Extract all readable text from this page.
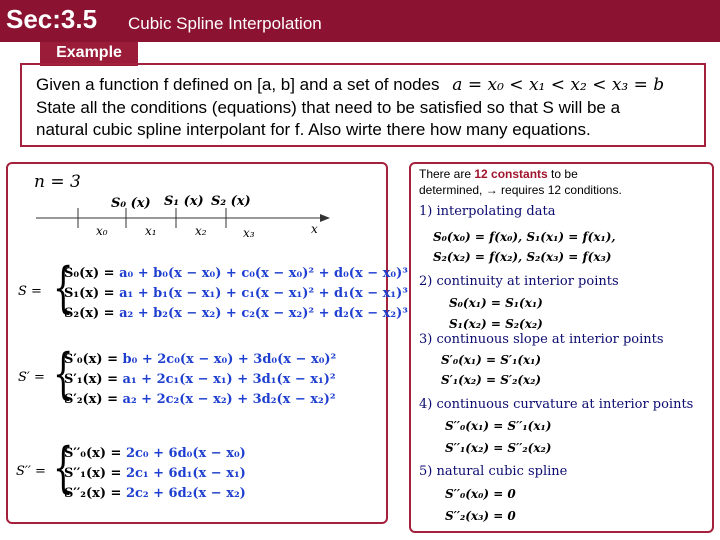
Sec:3.5 Cubic Spline Interpolation
Example
Given a function f defined on [a, b] and a set of nodes a = x₀ < x₁ < x₂ < x₃ = b
State all the conditions (equations) that need to be satisfied so that S will be a
natural cubic spline interpolant for f. Also wirte there how many equations.
n = 3
S₀ (x) S₁ (x) S₂ (x)
x₀	x₁	x₂	x₃	x
S = {
S₀(x) = a₀ + b₀(x − x₀) + c₀(x − x₀)² + d₀(x − x₀)³
S₁(x) = a₁ + b₁(x − x₁) + c₁(x − x₁)² + d₁(x − x₁)³
S₂(x) = a₂ + b₂(x − x₂) + c₂(x − x₂)² + d₂(x − x₂)³
S′ = {
S′₀(x) = b₀ + 2c₀(x − x₀) + 3d₀(x − x₀)²
S′₁(x) = a₁ + 2c₁(x − x₁) + 3d₁(x − x₁)²
S′₂(x) = a₂ + 2c₂(x − x₂) + 3d₂(x − x₂)²
S′′ = {
S′′₀(x) = 2c₀ + 6d₀(x − x₀)
S′′₁(x) = 2c₁ + 6d₁(x − x₁)
S′′₂(x) = 2c₂ + 6d₂(x − x₂)
There are 12 constants to be
determined, → requires 12 conditions.
1) interpolating data
S₀(x₀) = f(x₀), S₁(x₁) = f(x₁),
S₂(x₂) = f(x₂), S₂(x₃) = f(x₃)
2) continuity at interior points
S₀(x₁) = S₁(x₁)
S₁(x₂) = S₂(x₂)
3) continuous slope at interior points
S′₀(x₁) = S′₁(x₁)
S′₁(x₂) = S′₂(x₂)
4) continuous curvature at interior points
S′′₀(x₁) = S′′₁(x₁)
S′′₁(x₂) = S′′₂(x₂)
5) natural cubic spline
S′′₀(x₀) = 0
S′′₂(x₃) = 0
